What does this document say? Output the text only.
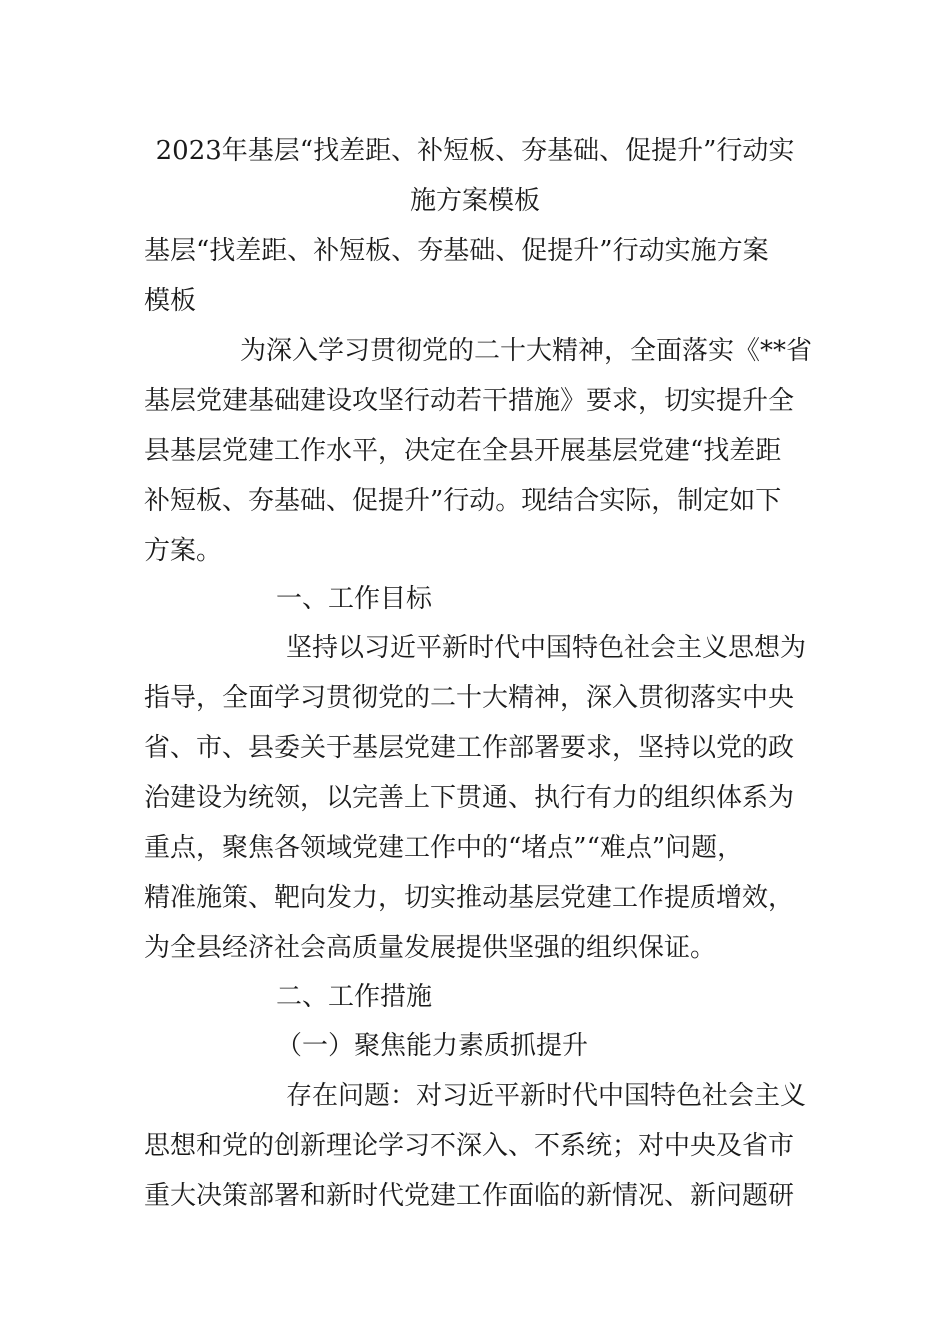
2023年基层“找差距、补短板、夯基础、促提升”行动实
施方案模板
基层“找差距、补短板、夯基础、促提升”行动实施方案
模板
为深入学习贯彻党的二十大精神，全面落实《**省
基层党建基础建设攻坚行动若干措施》要求，切实提升全
县基层党建工作水平，决定在全县开展基层党建“找差距
补短板、夯基础、促提升”行动。现结合实际，制定如下
方案。
一、工作目标
坚持以习近平新时代中国特色社会主义思想为
指导，全面学习贯彻党的二十大精神，深入贯彻落实中央
省、市、县委关于基层党建工作部署要求，坚持以党的政
治建设为统领，以完善上下贯通、执行有力的组织体系为
重点，聚焦各领域党建工作中的“堵点”“难点”问题，
精准施策、靶向发力，切实推动基层党建工作提质增效，
为全县经济社会高质量发展提供坚强的组织保证。
二、工作措施
（一）聚焦能力素质抓提升
存在问题：对习近平新时代中国特色社会主义
思想和党的创新理论学习不深入、不系统；对中央及省市
重大决策部署和新时代党建工作面临的新情况、新问题研
